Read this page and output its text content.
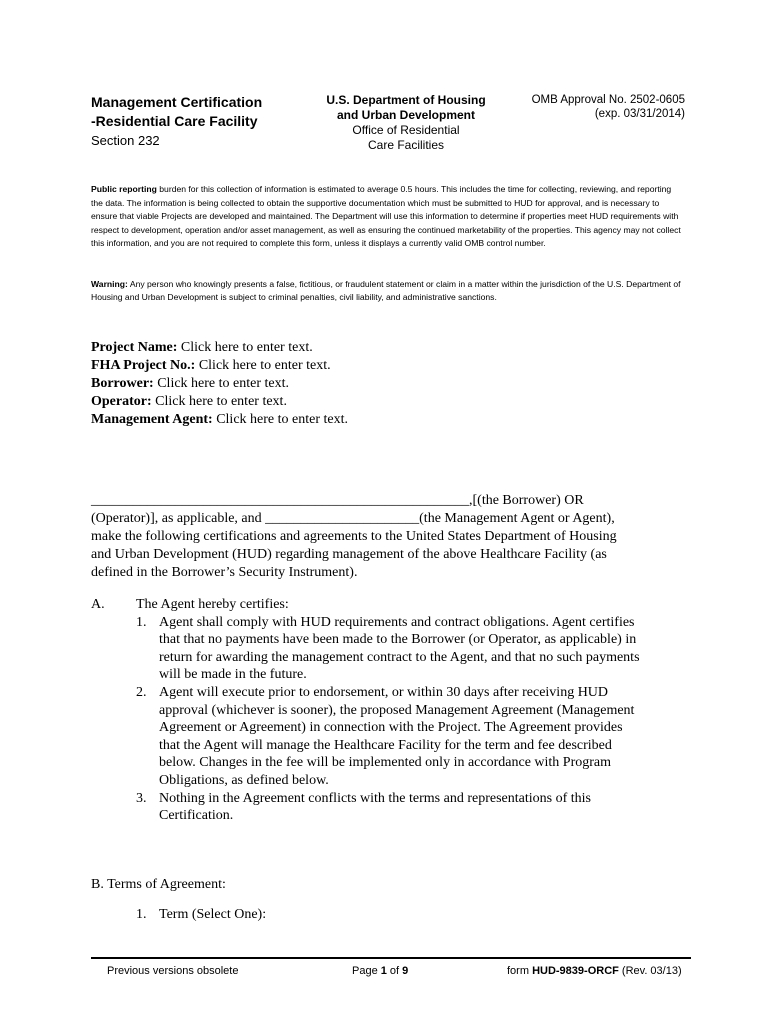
Management Certification
-Residential Care Facility
Section 232
U.S. Department of Housing
and Urban Development
Office of Residential
Care Facilities
OMB Approval No. 2502-0605
(exp. 03/31/2014)
Public reporting burden for this collection of information is estimated to average 0.5 hours. This includes the time for collecting, reviewing, and reporting the data. The information is being collected to obtain the supportive documentation which must be submitted to HUD for approval, and is necessary to ensure that viable Projects are developed and maintained. The Department will use this information to determine if properties meet HUD requirements with respect to development, operation and/or asset management, as well as ensuring the continued marketability of the properties. This agency may not collect this information, and you are not required to complete this form, unless it displays a currently valid OMB control number.
Warning: Any person who knowingly presents a false, fictitious, or fraudulent statement or claim in a matter within the jurisdiction of the U.S. Department of Housing and Urban Development is subject to criminal penalties, civil liability, and administrative sanctions.
Project Name: Click here to enter text.
FHA Project No.: Click here to enter text.
Borrower: Click here to enter text.
Operator: Click here to enter text.
Management Agent: Click here to enter text.

______________________________________________________,[(the Borrower) OR

(Operator)], as applicable, and ______________________(the Management Agent or Agent),

make the following certifications and agreements to the United States Department of Housing

and Urban Development (HUD) regarding management of the above Healthcare Facility (as

defined in the Borrower’s Security Instrument).

A. The Agent hereby certifies:
1. Agent shall comply with HUD requirements and contract obligations. Agent certifies
that that no payments have been made to the Borrower (or Operator, as applicable) in
return for awarding the management contract to the Agent, and that no such payments
will be made in the future.
2. Agent will execute prior to endorsement, or within 30 days after receiving HUD
approval (whichever is sooner), the proposed Management Agreement (Management
Agreement or Agreement) in connection with the Project. The Agreement provides
that the Agent will manage the Healthcare Facility for the term and fee described
below. Changes in the fee will be implemented only in accordance with Program
Obligations, as defined below.
3. Nothing in the Agreement conflicts with the terms and representations of this
Certification.
B. Terms of Agreement:
1. Term (Select One):
Previous versions obsolete	Page 1 of 9	form HUD-9839-ORCF (Rev. 03/13)
